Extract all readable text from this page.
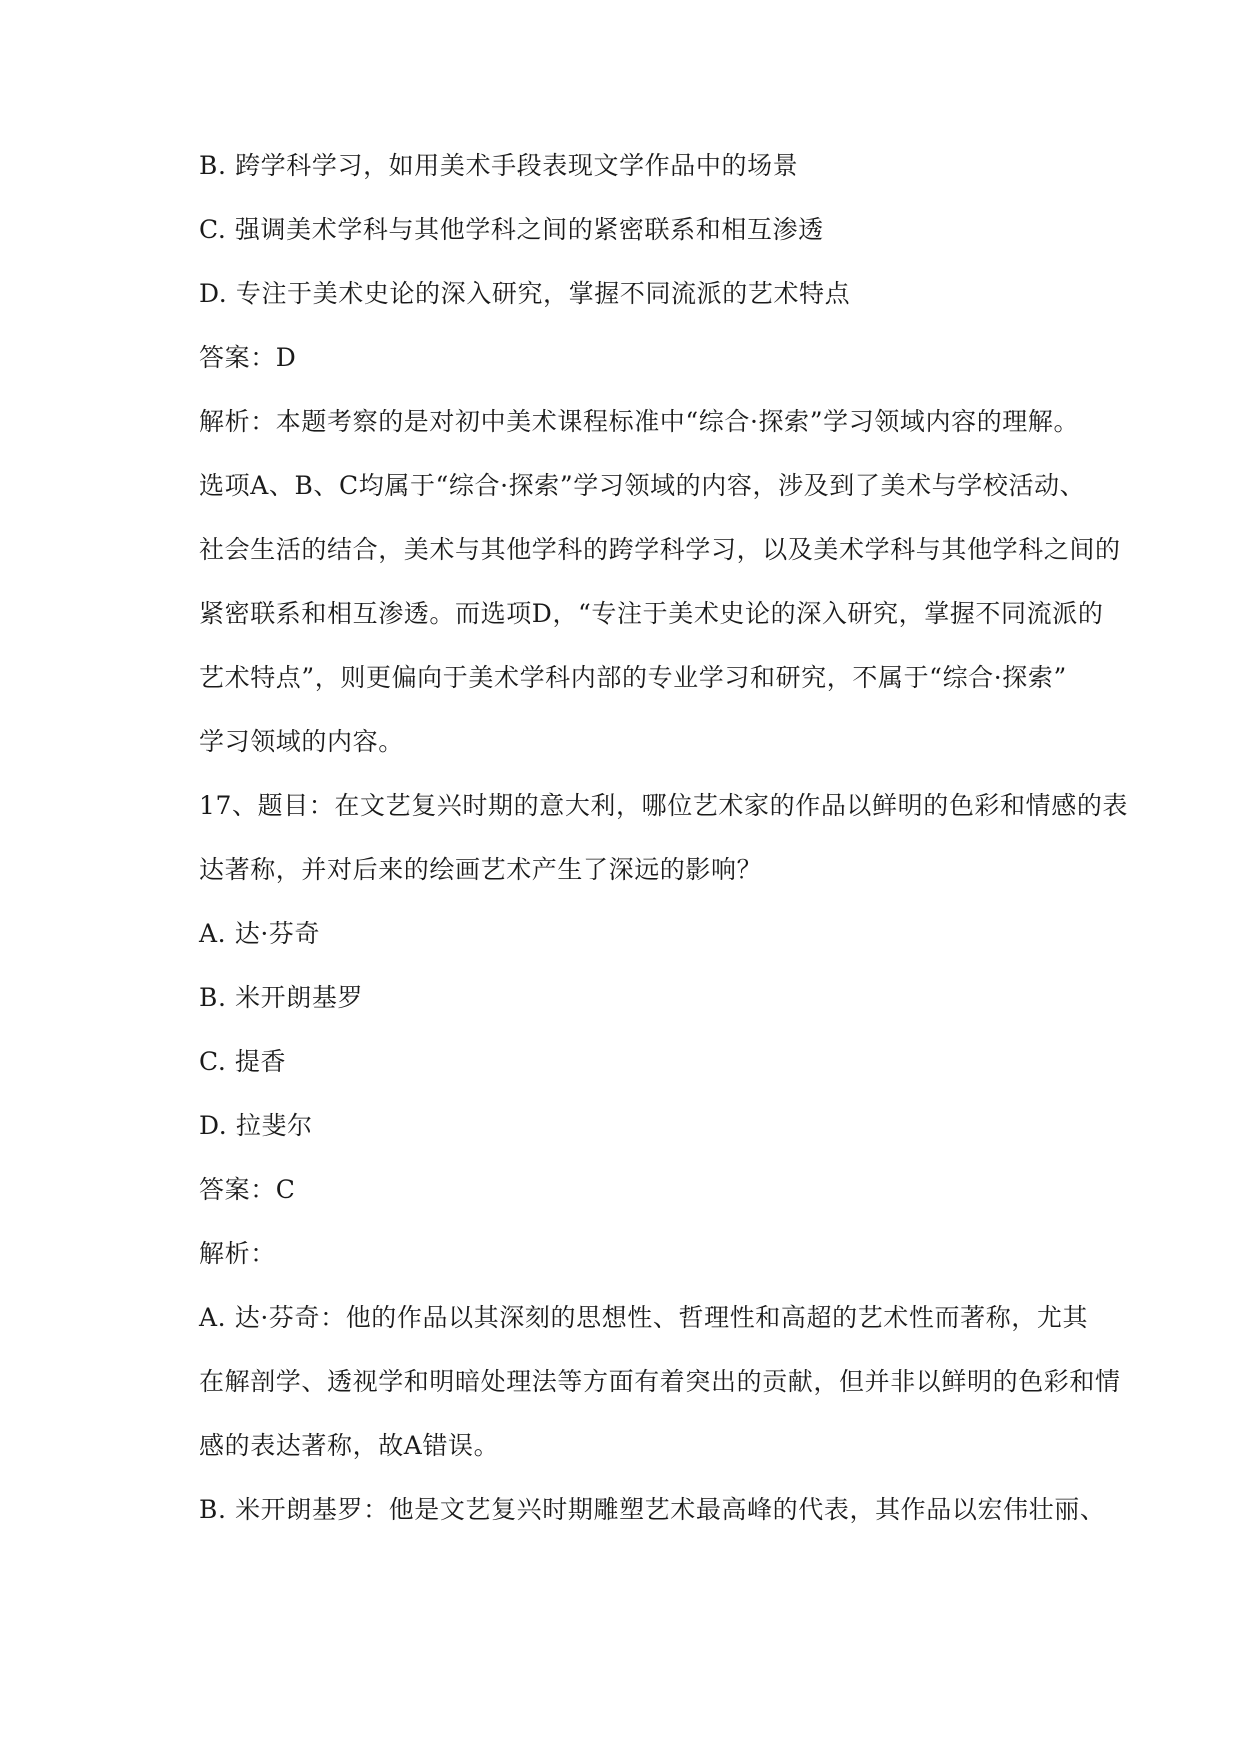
B. 跨学科学习，如用美术手段表现文学作品中的场景
C. 强调美术学科与其他学科之间的紧密联系和相互渗透
D. 专注于美术史论的深入研究，掌握不同流派的艺术特点
答案：D
解析：本题考察的是对初中美术课程标准中“综合·探索”学习领域内容的理解。
选项A、B、C均属于“综合·探索”学习领域的内容，涉及到了美术与学校活动、
社会生活的结合，美术与其他学科的跨学科学习，以及美术学科与其他学科之间的
紧密联系和相互渗透。而选项D，“专注于美术史论的深入研究，掌握不同流派的
艺术特点”，则更偏向于美术学科内部的专业学习和研究，不属于“综合·探索”
学习领域的内容。
17、题目：在文艺复兴时期的意大利，哪位艺术家的作品以鲜明的色彩和情感的表
达著称，并对后来的绘画艺术产生了深远的影响？
A. 达·芬奇
B. 米开朗基罗
C. 提香
D. 拉斐尔
答案：C
解析：
A. 达·芬奇：他的作品以其深刻的思想性、哲理性和高超的艺术性而著称，尤其
在解剖学、透视学和明暗处理法等方面有着突出的贡献，但并非以鲜明的色彩和情
感的表达著称，故A错误。
B. 米开朗基罗：他是文艺复兴时期雕塑艺术最高峰的代表，其作品以宏伟壮丽、
